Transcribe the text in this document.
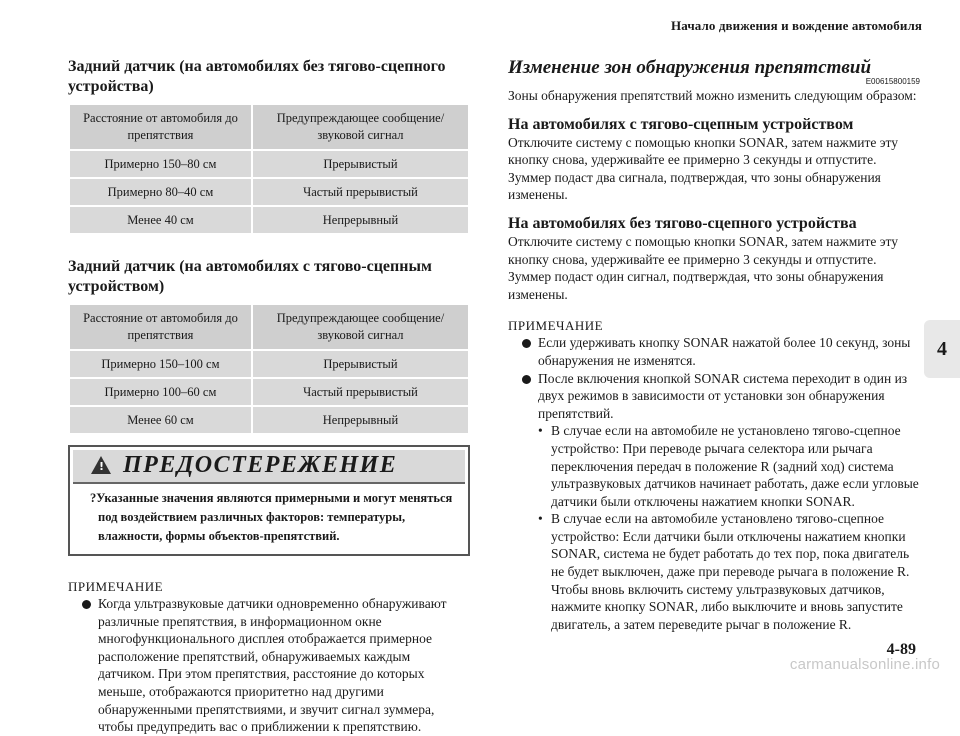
Начало движения и вождение автомобиля
Задний датчик (на автомобилях без тягово-сцепного устройства)
Расстояние от автомобиля до препятствия	Предупреждающее сообщение/ звуковой сигнал
Примерно 150–80 см	Прерывистый
Примерно 80–40 см	Частый прерывистый
Менее 40 см	Непрерывный
Задний датчик (на автомобилях с тягово-сцепным устройством)
Расстояние от автомобиля до препятствия	Предупреждающее сообщение/ звуковой сигнал
Примерно 150–100 см	Прерывистый
Примерно 100–60 см	Частый прерывистый
Менее 60 см	Непрерывный
! ПРЕДОСТЕРЕЖЕНИЕ
?Указанные значения являются примерными и могут меняться под воздействием различных факторов: температуры, влажности, формы объектов-препятствий.

ПРИМЕЧАНИЕ

Когда ультразвуковые датчики одновременно обнаруживают различные препятствия, в информационном окне многофункционального дисплея отображается примерное расположение препятствий, обнаруживаемых каждым датчиком. При этом препятствия, расстояние до которых меньше, отображаются приоритетно над другими обнаруженными препятствиями, и звучит сигнал зуммера, чтобы предупредить вас о приближении к препятствию.

Изменение зон обнаружения препятствий

E00615800159

Зоны обнаружения препятствий можно изменить следующим образом:

На автомобилях с тягово-сцепным устройством

Отключите систему с помощью кнопки SONAR, затем нажмите эту кнопку снова, удерживайте ее примерно 3 секунды и отпустите. Зуммер подаст два сигнала, подтверждая, что зоны обнаружения изменены.

На автомобилях без тягово-сцепного устройства

Отключите систему с помощью кнопки SONAR, затем нажмите эту кнопку снова, удерживайте ее примерно 3 секунды и отпустите. Зуммер подаст один сигнал, подтверждая, что зоны обнаружения изменены.

ПРИМЕЧАНИЕ

Если удерживать кнопку SONAR нажатой более 10 секунд, зоны обнаружения не изменятся.
После включения кнопкой SONAR система переходит в один из двух режимов в зависимости от установки зон обнаружения препятствий.
• В случае если на автомобиле не установлено тягово-сцепное устройство: При переводе рычага селектора или рычага переключения передач в положение R (задний ход) система ультразвуковых датчиков начинает работать, даже если угловые датчики были отключены нажатием кнопки SONAR.
• В случае если на автомобиле установлено тягово-сцепное устройство: Если датчики были отключены нажатием кнопки SONAR, система не будет работать до тех пор, пока двигатель не будет выключен, даже при переводе рычага в положение R. Чтобы вновь включить систему ультразвуковых датчиков, нажмите кнопку SONAR, либо выключите и вновь запустите двигатель, а затем переведите рычаг в положение R.
4
4-89
carmanualsonline.info
